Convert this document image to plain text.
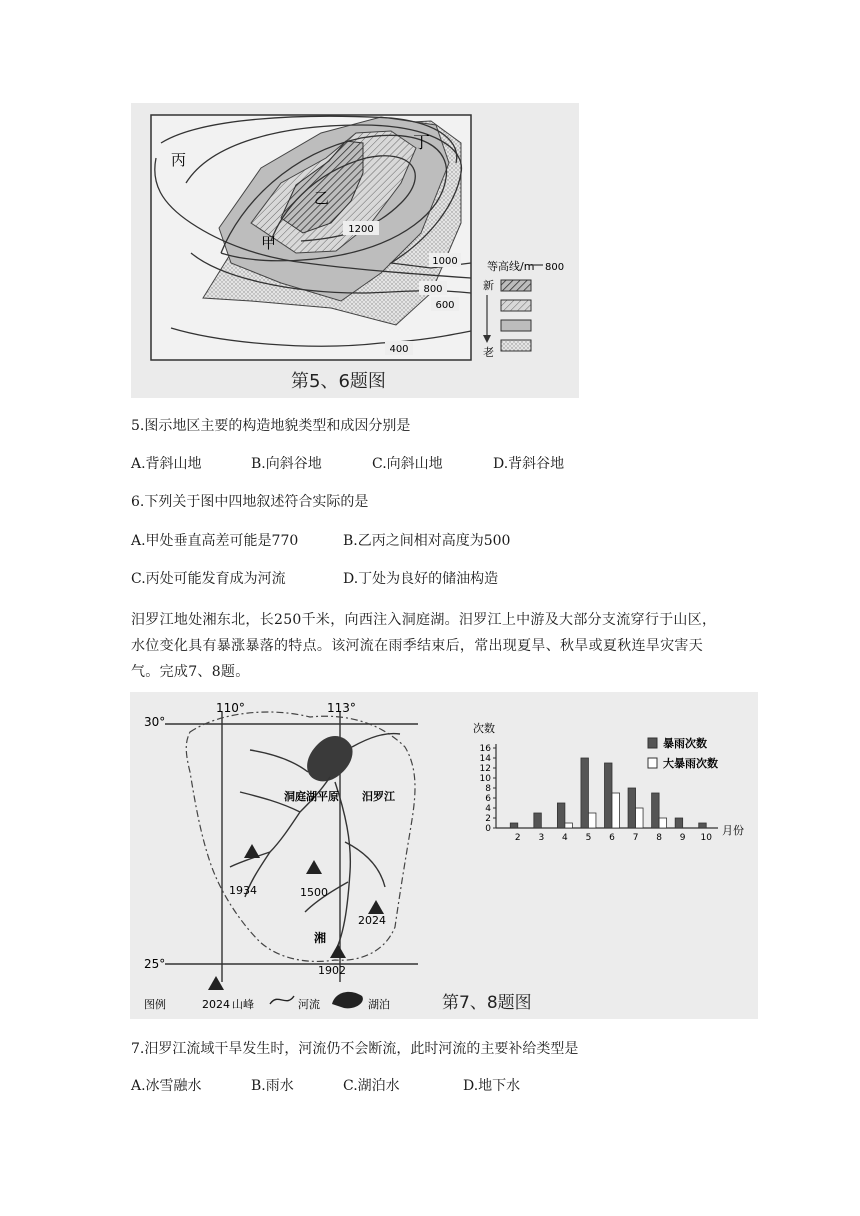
1200
1000
800
600
400
丙
丁
乙
甲
等高线/m 800
新
老
第5、6题图
5.图示地区主要的构造地貌类型和成因分别是
A.背斜山地	B.向斜谷地	C.向斜山地	D.背斜谷地
6.下列关于图中四地叙述符合实际的是
A.甲处垂直高差可能是770	B.乙丙之间相对高度为500
C.丙处可能发育成为河流	D.丁处为良好的储油构造

汨罗江地处湘东北，长250千米，向西注入洞庭湖。汨罗江上中游及大部分支流穿行于山区，

水位变化具有暴涨暴落的特点。该河流在雨季结束后，常出现夏旱、秋旱或夏秋连旱灾害天

气。完成7、8题。

30°
25°
110°	113°
洞庭湖平原 汨罗江
湘
1934	1500
2024
1902
图例	2024 山峰	河流	湖泊
次数
月份
0
2
4
6
8
10
12
14
16
2 3 4 5 6 7 8 9 10
暴雨次数
大暴雨次数
第7、8题图
7.汨罗江流域干旱发生时，河流仍不会断流，此时河流的主要补给类型是
A.冰雪融水	B.雨水	C.湖泊水	D.地下水
